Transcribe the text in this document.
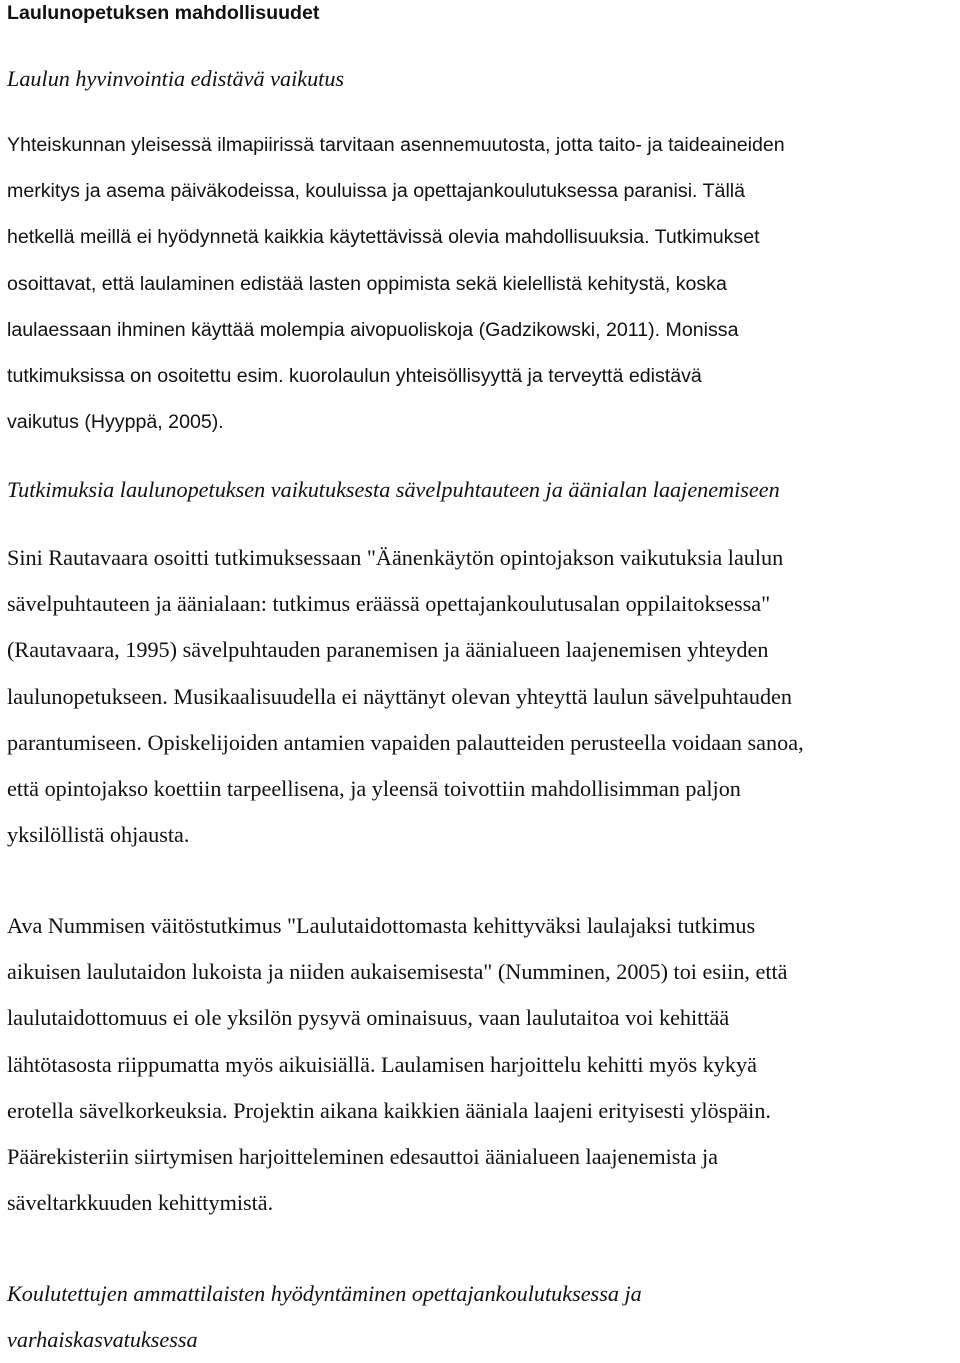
Laulunopetuksen mahdollisuudet
Laulun hyvinvointia edistävä vaikutus
Yhteiskunnan yleisessä ilmapiirissä tarvitaan asennemuutosta, jotta taito- ja taideaineiden
merkitys ja asema päiväkodeissa, kouluissa ja opettajankoulutuksessa paranisi. Tällä
hetkellä meillä ei hyödynnetä kaikkia käytettävissä olevia mahdollisuuksia. Tutkimukset
osoittavat, että laulaminen edistää lasten oppimista sekä kielellistä kehitystä, koska
laulaessaan ihminen käyttää molempia aivopuoliskoja (Gadzikowski, 2011). Monissa
tutkimuksissa on osoitettu esim. kuorolaulun yhteisöllisyyttä ja terveyttä edistävä
vaikutus (Hyyppä, 2005).
Tutkimuksia laulunopetuksen vaikutuksesta sävelpuhtauteen ja äänialan laajenemiseen
Sini Rautavaara osoitti tutkimuksessaan "Äänenkäytön opintojakson vaikutuksia laulun
sävelpuhtauteen ja äänialaan: tutkimus eräässä opettajankoulutusalan oppilaitoksessa"
(Rautavaara, 1995) sävelpuhtauden paranemisen ja äänialueen laajenemisen yhteyden
laulunopetukseen. Musikaalisuudella ei näyttänyt olevan yhteyttä laulun sävelpuhtauden
parantumiseen. Opiskelijoiden antamien vapaiden palautteiden perusteella voidaan sanoa,
että opintojakso koettiin tarpeellisena, ja yleensä toivottiin mahdollisimman paljon
yksilöllistä ohjausta.
Ava Nummisen väitöstutkimus "Laulutaidottomasta kehittyväksi laulajaksi tutkimus
aikuisen laulutaidon lukoista ja niiden aukaisemisesta" (Numminen, 2005) toi esiin, että
laulutaidottomuus ei ole yksilön pysyvä ominaisuus, vaan laulutaitoa voi kehittää
lähtötasosta riippumatta myös aikuisiällä. Laulamisen harjoittelu kehitti myös kykyä
erotella sävelkorkeuksia. Projektin aikana kaikkien ääniala laajeni erityisesti ylöspäin.
Päärekisteriin siirtymisen harjoitteleminen edesauttoi äänialueen laajenemista ja
säveltarkkuuden kehittymistä.
Koulutettujen ammattilaisten hyödyntäminen opettajankoulutuksessa ja
varhaiskasvatuksessa
